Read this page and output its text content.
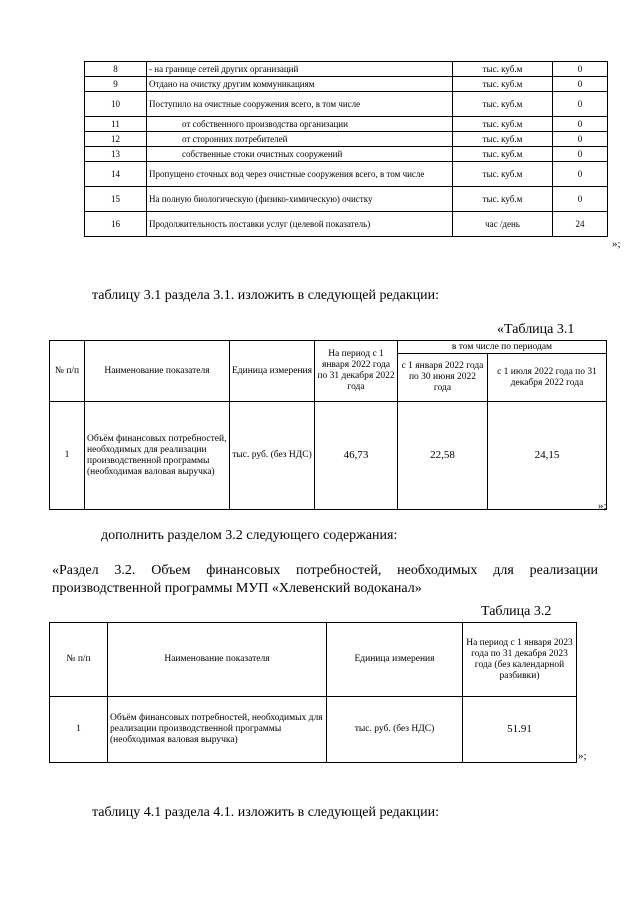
8	- на границе сетей других организаций	тыс. куб.м	0
9	Отдано на очистку другим коммуникациям	тыс. куб.м	0
10	Поступило на очистные сооружения всего, в том числе	тыс. куб.м	0
11	от собственного производства организации	тыс. куб.м	0
12	от сторонних потребителей	тыс. куб.м	0
13	собственные стоки очистных сооружений	тыс. куб.м	0
14	Пропущено сточных вод через очистные сооружения всего, в том числе	тыс. куб.м	0
15	На полную биологическую (физико-химическую) очистку	тыс. куб.м	0
16	Продолжительность поставки услуг (целевой показатель)	час /день	24
»;
таблицу 3.1 раздела 3.1. изложить в следующей редакции:
«Таблица 3.1
№ п/п	Наименование показателя	Единица измерения	На период с 1 января 2022 года по 31 декабря 2022 года	в том числе по периодам	
				с 1 января 2022 года по 30 июня 2022 года	с 1 июля 2022 года по 31 декабря 2022 года
1	Объём финансовых потребностей, необходимых для реализации производственной программы (необходимая валовая выручка)	тыс. руб. (без НДС)	46,73	22,58	24,15
»;
дополнить разделом 3.2 следующего содержания:
«Раздел 3.2. Объем финансовых потребностей, необходимых для реализации производственной программы МУП «Хлевенский водоканал»
Таблица 3.2
№ п/п	Наименование показателя	Единица измерения	На период с 1 января 2023 года по 31 декабря 2023 года (без календарной разбивки)
1	Объём финансовых потребностей, необходимых для реализации производственной программы (необходимая валовая выручка)	тыс. руб. (без НДС)	51.91
»;
таблицу 4.1 раздела 4.1. изложить в следующей редакции:
